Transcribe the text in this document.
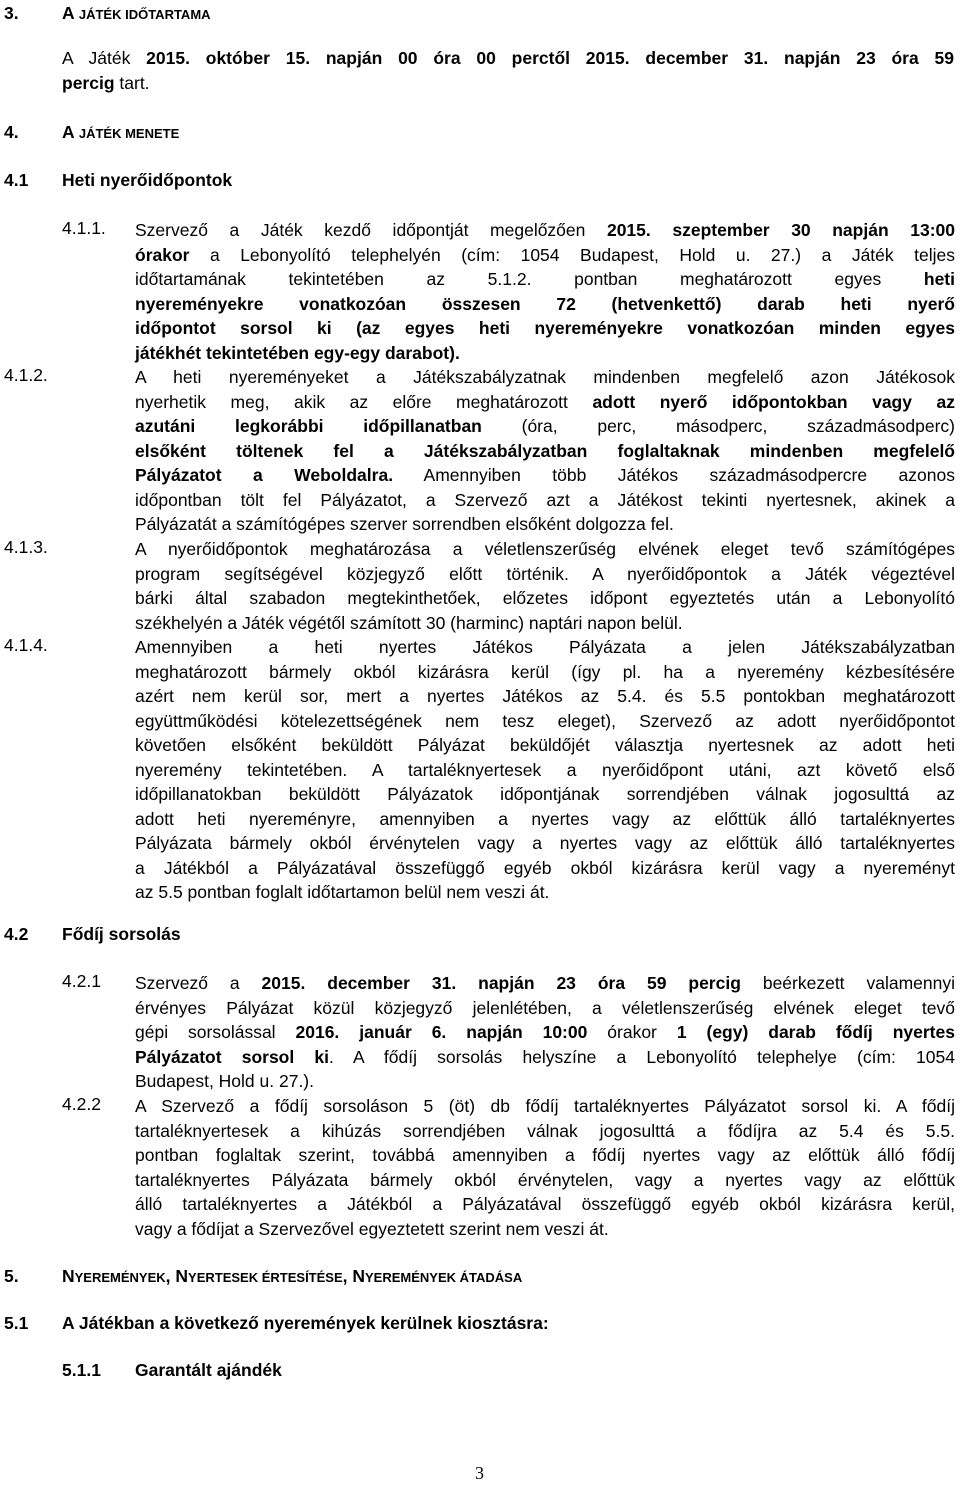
3. A JÁTÉK IDŐTARTAMA
A Játék 2015. október 15. napján 00 óra 00 perctől 2015. december 31. napján 23 óra 59
percig tart.
4. A JÁTÉK MENETE
4.1 Heti nyerőidőpontok
4.1.1. Szervező a Játék kezdő időpontját megelőzően 2015. szeptember 30 napján 13:00
órakor a Lebonyolító telephelyén (cím: 1054 Budapest, Hold u. 27.) a Játék teljes
időtartamának tekintetében az 5.1.2. pontban meghatározott egyes heti
nyereményekre vonatkozóan összesen 72 (hetvenkettő) darab heti nyerő
időpontot sorsol ki (az egyes heti nyereményekre vonatkozóan minden egyes
játékhét tekintetében egy-egy darabot).
4.1.2.	A heti nyereményeket a Játékszabályzatnak mindenben megfelelő azon Játékosok
nyerhetik meg, akik az előre meghatározott adott nyerő időpontokban vagy az
azutáni legkorábbi időpillanatban (óra, perc, másodperc, századmásodperc)
elsőként töltenek fel a Játékszabályzatban foglaltaknak mindenben megfelelő
Pályázatot a Weboldalra. Amennyiben több Játékos századmásodpercre azonos
időpontban tölt fel Pályázatot, a Szervező azt a Játékost tekinti nyertesnek, akinek a
Pályázatát a számítógépes szerver sorrendben elsőként dolgozza fel.
4.1.3.	A nyerőidőpontok meghatározása a véletlenszerűség elvének eleget tevő számítógépes
program segítségével közjegyző előtt történik. A nyerőidőpontok a Játék végeztével
bárki által szabadon megtekinthetőek, előzetes időpont egyeztetés után a Lebonyolító
székhelyén a Játék végétől számított 30 (harminc) naptári napon belül.
4.1.4.	Amennyiben a heti nyertes Játékos Pályázata a jelen Játékszabályzatban
meghatározott bármely okból kizárásra kerül (így pl. ha a nyeremény kézbesítésére
azért nem kerül sor, mert a nyertes Játékos az 5.4. és 5.5 pontokban meghatározott
együttműködési kötelezettségének nem tesz eleget), Szervező az adott nyerőidőpontot
követően elsőként beküldött Pályázat beküldőjét választja nyertesnek az adott heti
nyeremény tekintetében. A tartaléknyertesek a nyerőidőpont utáni, azt követő első
időpillanatokban beküldött Pályázatok időpontjának sorrendjében válnak jogosulttá az
adott heti nyereményre, amennyiben a nyertes vagy az előttük álló tartaléknyertes
Pályázata bármely okból érvénytelen vagy a nyertes vagy az előttük álló tartaléknyertes
a Játékból a Pályázatával összefüggő egyéb okból kizárásra kerül vagy a nyereményt
az 5.5 pontban foglalt időtartamon belül nem veszi át.
4.2 Fődíj sorsolás
4.2.1 Szervező a 2015. december 31. napján 23 óra 59 percig beérkezett valamennyi
érvényes Pályázat közül közjegyző jelenlétében, a véletlenszerűség elvének eleget tevő
gépi sorsolással 2016. január 6. napján 10:00 órakor 1 (egy) darab fődíj nyertes
Pályázatot sorsol ki. A fődíj sorsolás helyszíne a Lebonyolító telephelye (cím: 1054
Budapest, Hold u. 27.).
4.2.2 A Szervező a fődíj sorsoláson 5 (öt) db fődíj tartaléknyertes Pályázatot sorsol ki. A fődíj
tartaléknyertesek a kihúzás sorrendjében válnak jogosulttá a fődíjra az 5.4 és 5.5.
pontban foglaltak szerint, továbbá amennyiben a fődíj nyertes vagy az előttük álló fődíj
tartaléknyertes Pályázata bármely okból érvénytelen, vagy a nyertes vagy az előttük
álló tartaléknyertes a Játékból a Pályázatával összefüggő egyéb okból kizárásra kerül,
vagy a fődíjat a Szervezővel egyeztetett szerint nem veszi át.
5. NYEREMÉNYEK, NYERTESEK ÉRTESÍTÉSE, NYEREMÉNYEK ÁTADÁSA
5.1 A Játékban a következő nyeremények kerülnek kiosztásra:
5.1.1 Garantált ajándék
3
